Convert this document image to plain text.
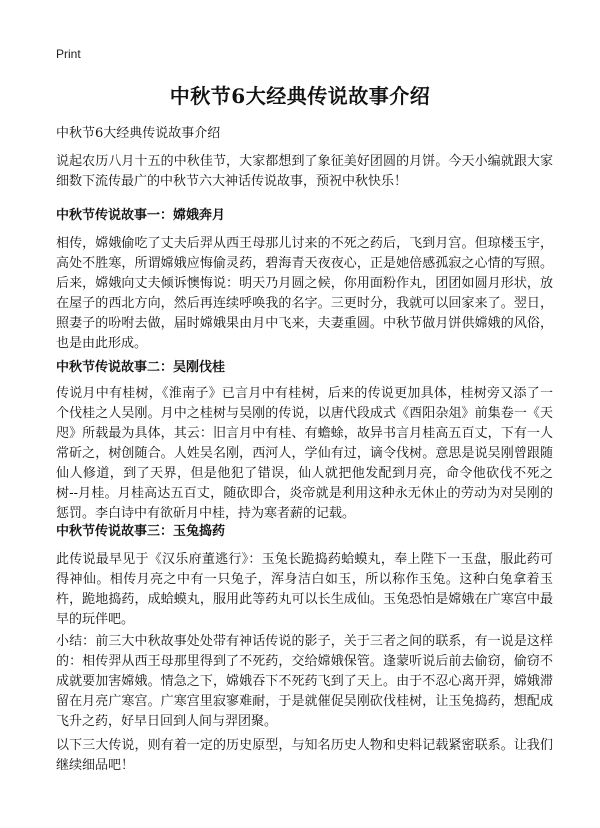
Print
中秋节6大经典传说故事介绍

中秋节6大经典传说故事介绍

说起农历八月十五的中秋佳节，大家都想到了象征美好团圆的月饼。今天小编就跟大家细数下流传最广的中秋节六大神话传说故事，预祝中秋快乐！

中秋节传说故事一：嫦娥奔月

相传，嫦娥偷吃了丈夫后羿从西王母那儿讨来的不死之药后，飞到月宫。但琼楼玉宇，高处不胜寒，所谓嫦娥应悔偷灵药，碧海青天夜夜心，正是她倍感孤寂之心情的写照。后来，嫦娥向丈夫倾诉懊悔说：明天乃月圆之候，你用面粉作丸，团团如圆月形状，放在屋子的西北方向，然后再连续呼唤我的名字。三更时分，我就可以回家来了。翌日，照妻子的吩咐去做，届时嫦娥果由月中飞来，夫妻重圆。中秋节做月饼供嫦娥的风俗，也是由此形成。

中秋节传说故事二：吴刚伐桂

传说月中有桂树，《淮南子》已言月中有桂树，后来的传说更加具体，桂树旁又添了一个伐桂之人吴刚。月中之桂树与吴刚的传说，以唐代段成式《酉阳杂俎》前集卷一《天咫》所载最为具体，其云：旧言月中有桂、有蟾蜍，故异书言月桂高五百丈，下有一人常斫之，树创随合。人姓吴名刚，西河人，学仙有过，谪令伐树。意思是说吴刚曾跟随仙人修道，到了天界，但是他犯了错误，仙人就把他发配到月亮，命令他砍伐不死之树--月桂。月桂高达五百丈，随砍即合，炎帝就是利用这种永无休止的劳动为对吴刚的惩罚。李白诗中有欲斫月中桂，持为寒者薪的记载。

中秋节传说故事三：玉兔捣药

此传说最早见于《汉乐府董逃行》：玉兔长跪捣药蛤蟆丸，奉上陛下一玉盘，服此药可得神仙。相传月亮之中有一只兔子，浑身洁白如玉，所以称作玉兔。这种白兔拿着玉杵，跪地捣药，成蛤蟆丸，服用此等药丸可以长生成仙。玉兔恐怕是嫦娥在广寒宫中最早的玩伴吧。

小结：前三大中秋故事处处带有神话传说的影子，关于三者之间的联系，有一说是这样的：相传羿从西王母那里得到了不死药，交给嫦娥保管。逢蒙听说后前去偷窃，偷窃不成就要加害嫦娥。情急之下，嫦娥吞下不死药飞到了天上。由于不忍心离开羿，嫦娥滞留在月亮广寒宫。广寒宫里寂寥难耐，于是就催促吴刚砍伐桂树，让玉兔捣药，想配成飞升之药，好早日回到人间与羿团聚。

以下三大传说，则有着一定的历史原型，与知名历史人物和史料记载紧密联系。让我们继续细品吧！
